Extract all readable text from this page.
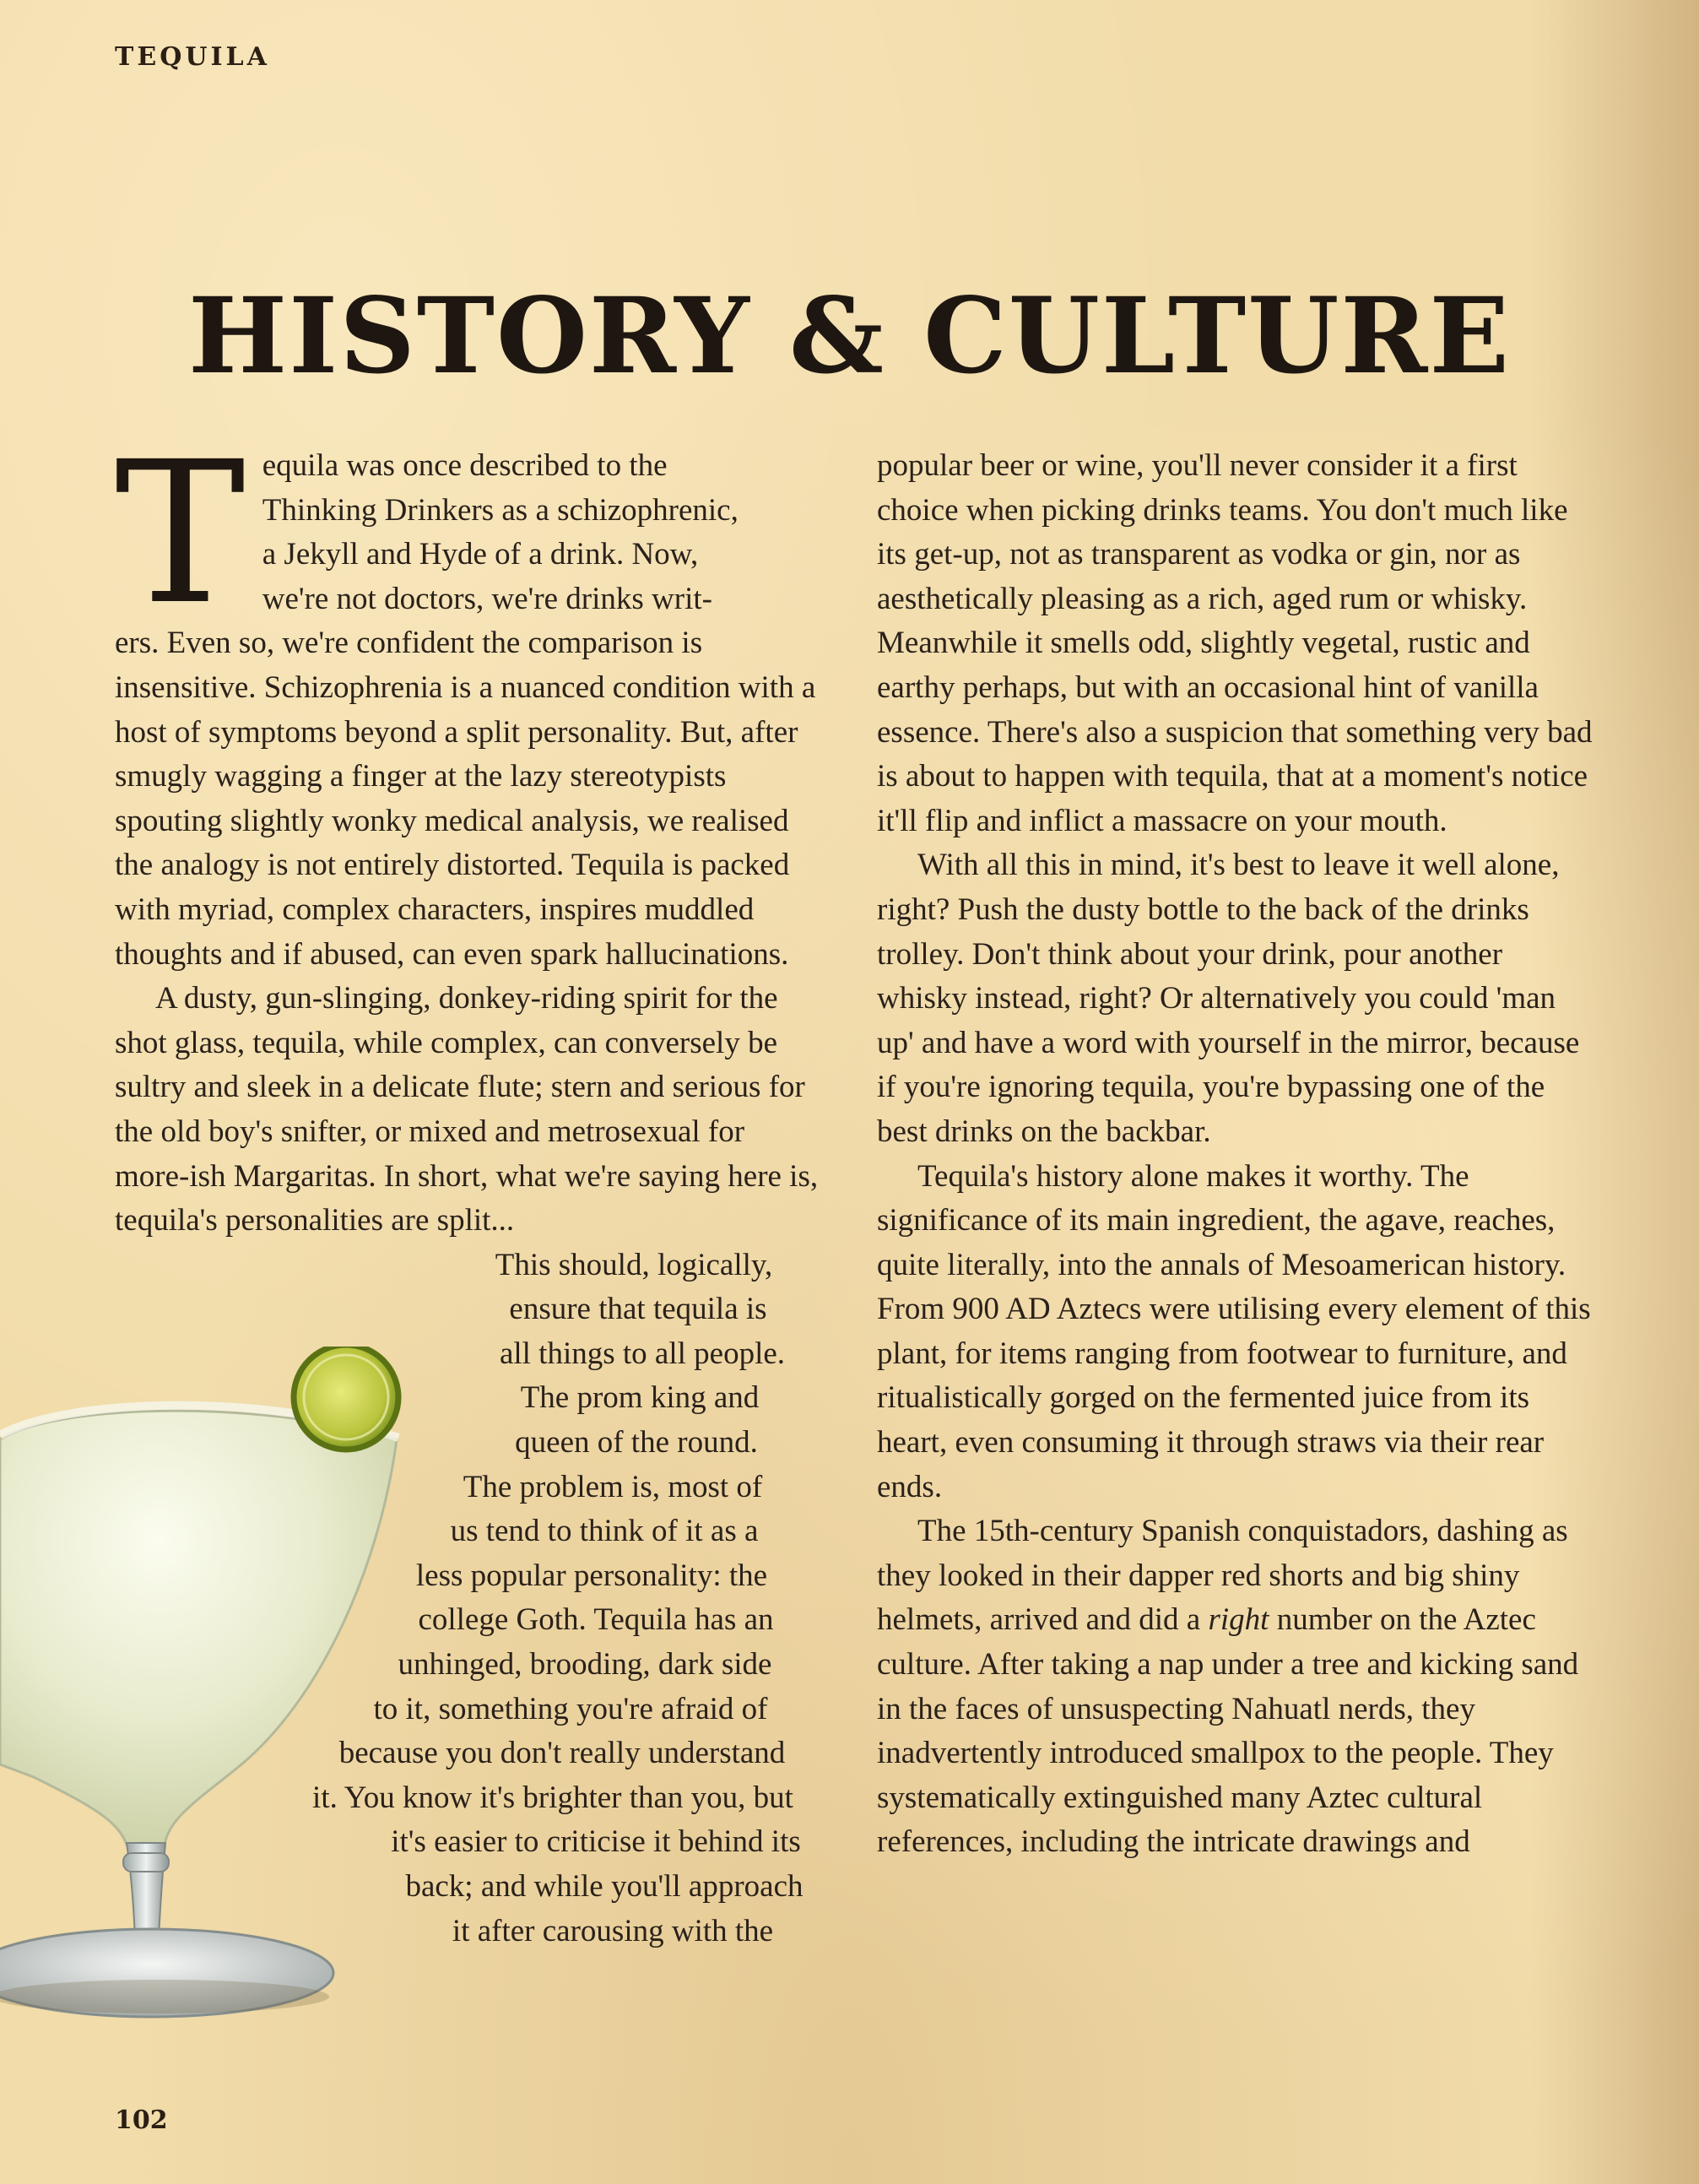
TEQUILA
HISTORY & CULTURE

T equila was once described to the
Thinking Drinkers as a schizophrenic,
a Jekyll and Hyde of a drink. Now,
we're not doctors, we're drinks writ-
ers. Even so, we're confident the comparison is insensitive. Schizophrenia is a nuanced condition with a host of symptoms beyond a split personality. But, after smugly wagging a finger at the lazy stereotypists spouting slightly wonky medical analysis, we realised the analogy is not entirely distorted. Tequila is packed with myriad, complex characters, inspires muddled thoughts and if abused, can even spark hallucinations.

A dusty, gun-slinging, donkey-riding spirit for the shot glass, tequila, while complex, can conversely be sultry and sleek in a delicate flute; stern and serious for the old boy's snifter, or mixed and metrosexual for more-ish Margaritas. In short, what we're saying here is, tequila's personalities are split...

This should, logically,
ensure that tequila is
all things to all people.
The prom king and
queen of the round.
The problem is, most of
us tend to think of it as a
less popular personality: the
college Goth. Tequila has an
unhinged, brooding, dark side
to it, something you're afraid of
because you don't really understand
it. You know it's brighter than you, but
it's easier to criticise it behind its
back; and while you'll approach
it after carousing with the

popular beer or wine, you'll never consider it a first choice when picking drinks teams. You don't much like its get-up, not as transparent as vodka or gin, nor as aesthetically pleasing as a rich, aged rum or whisky. Meanwhile it smells odd, slightly vegetal, rustic and earthy perhaps, but with an occasional hint of vanilla essence. There's also a suspicion that something very bad is about to happen with tequila, that at a moment's notice it'll flip and inflict a massacre on your mouth.

With all this in mind, it's best to leave it well alone, right? Push the dusty bottle to the back of the drinks trolley. Don't think about your drink, pour another whisky instead, right? Or alternatively you could 'man up' and have a word with yourself in the mirror, because if you're ignoring tequila, you're bypassing one of the best drinks on the backbar.

Tequila's history alone makes it worthy. The significance of its main ingredient, the agave, reaches, quite literally, into the annals of Mesoamerican history. From 900 AD Aztecs were utilising every element of this plant, for items ranging from footwear to furniture, and ritualistically gorged on the fermented juice from its heart, even consuming it through straws via their rear ends.

The 15th-century Spanish conquistadors, dashing as they looked in their dapper red shorts and big shiny helmets, arrived and did a right number on the Aztec culture. After taking a nap under a tree and kicking sand in the faces of unsuspecting Nahuatl nerds, they inadvertently introduced smallpox to the people. They systematically extinguished many Aztec cultural references, including the intricate drawings and

102
